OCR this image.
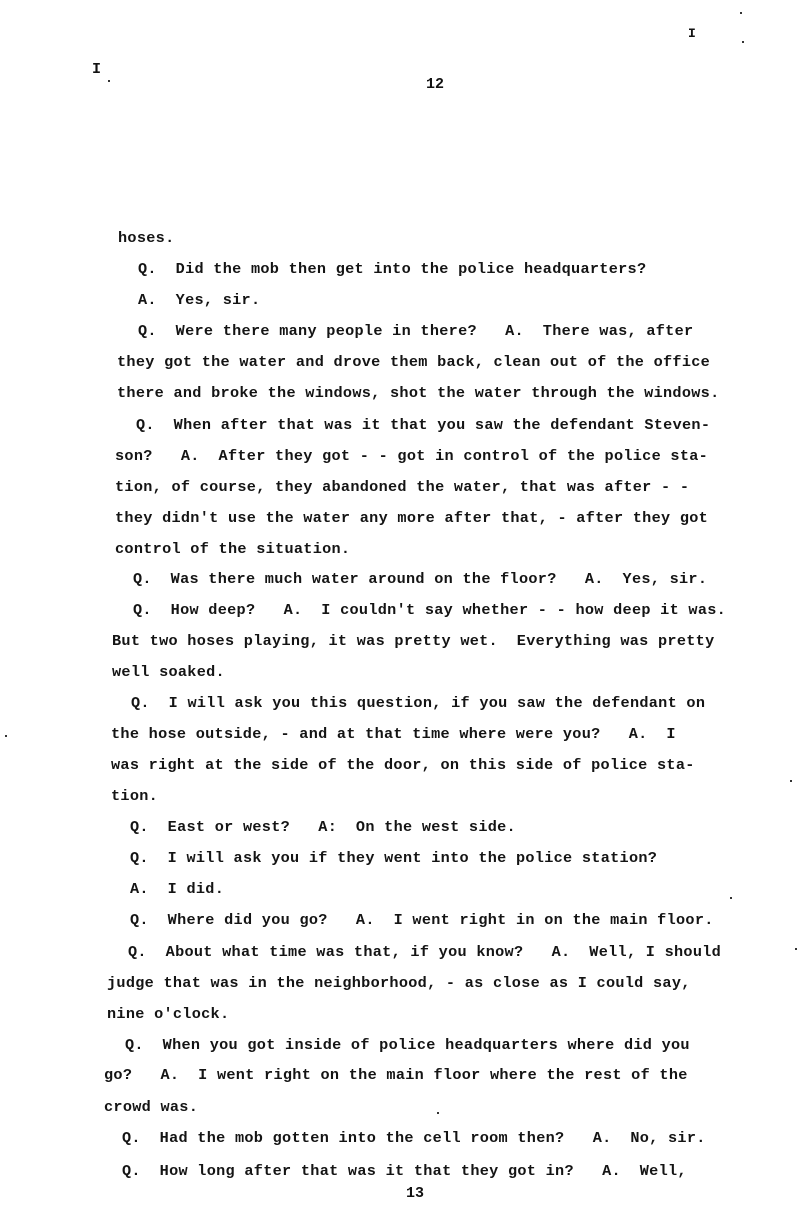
I
I
12
hoses.
Q.  Did the mob then get into the police headquarters?
A.  Yes, sir.
Q.  Were there many people in there?   A.  There was, after
they got the water and drove them back, clean out of the office
there and broke the windows, shot the water through the windows.
Q.  When after that was it that you saw the defendant Steven-
son?   A.  After they got - - got in control of the police sta-
tion, of course, they abandoned the water, that was after - -
they didn't use the water any more after that, - after they got
control of the situation.
Q.  Was there much water around on the floor?   A.  Yes, sir.
Q.  How deep?   A.  I couldn't say whether - - how deep it was.
But two hoses playing, it was pretty wet.  Everything was pretty
well soaked.
Q.  I will ask you this question, if you saw the defendant on
the hose outside, - and at that time where were you?   A.  I
was right at the side of the door, on this side of police sta-
tion.
Q.  East or west?   A:  On the west side.
Q.  I will ask you if they went into the police station?
A.  I did.
Q.  Where did you go?   A.  I went right in on the main floor.
Q.  About what time was that, if you know?   A.  Well, I should
judge that was in the neighborhood, - as close as I could say,
nine o'clock.
Q.  When you got inside of police headquarters where did you
go?   A.  I went right on the main floor where the rest of the
crowd was.
Q.  Had the mob gotten into the cell room then?   A.  No, sir.
Q.  How long after that was it that they got in?   A.  Well,
13
